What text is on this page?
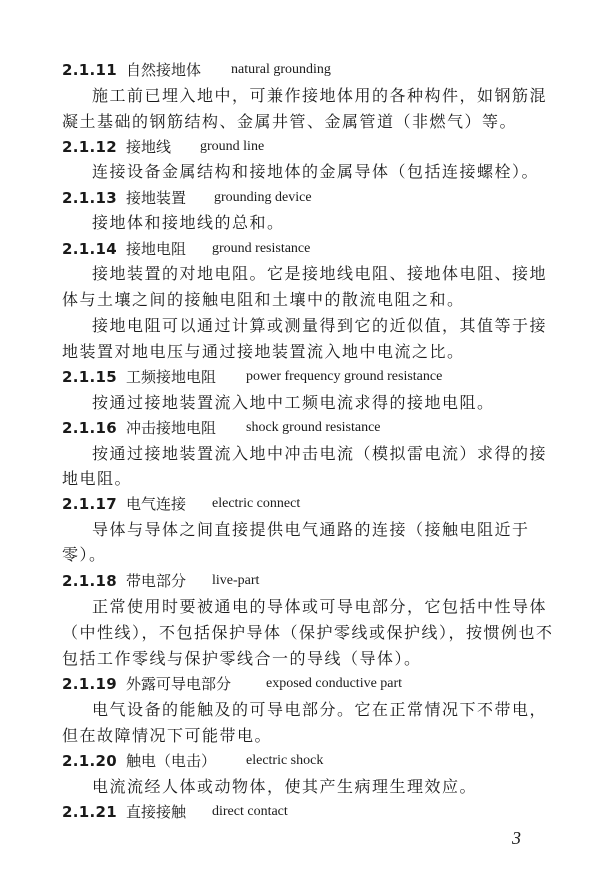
2.1.11 自然接地体 natural grounding
施工前已埋入地中，可兼作接地体用的各种构件，如钢筋混
凝土基础的钢筋结构、金属井管、金属管道（非燃气）等。
2.1.12 接地线 ground line
连接设备金属结构和接地体的金属导体（包括连接螺栓）。
2.1.13 接地装置 grounding device
接地体和接地线的总和。
2.1.14 接地电阻 ground resistance
接地装置的对地电阻。它是接地线电阻、接地体电阻、接地
体与土壤之间的接触电阻和土壤中的散流电阻之和。
接地电阻可以通过计算或测量得到它的近似值，其值等于接
地装置对地电压与通过接地装置流入地中电流之比。
2.1.15 工频接地电阻 power frequency ground resistance
按通过接地装置流入地中工频电流求得的接地电阻。
2.1.16 冲击接地电阻 shock ground resistance
按通过接地装置流入地中冲击电流（模拟雷电流）求得的接
地电阻。
2.1.17 电气连接 electric connect
导体与导体之间直接提供电气通路的连接（接触电阻近于
零）。
2.1.18 带电部分 live-part
正常使用时要被通电的导体或可导电部分，它包括中性导体
（中性线），不包括保护导体（保护零线或保护线），按惯例也不
包括工作零线与保护零线合一的导线（导体）。
2.1.19 外露可导电部分 exposed conductive part
电气设备的能触及的可导电部分。它在正常情况下不带电，
但在故障情况下可能带电。
2.1.20 触电（电击） electric shock
电流流经人体或动物体，使其产生病理生理效应。
2.1.21 直接接触 direct contact
3
